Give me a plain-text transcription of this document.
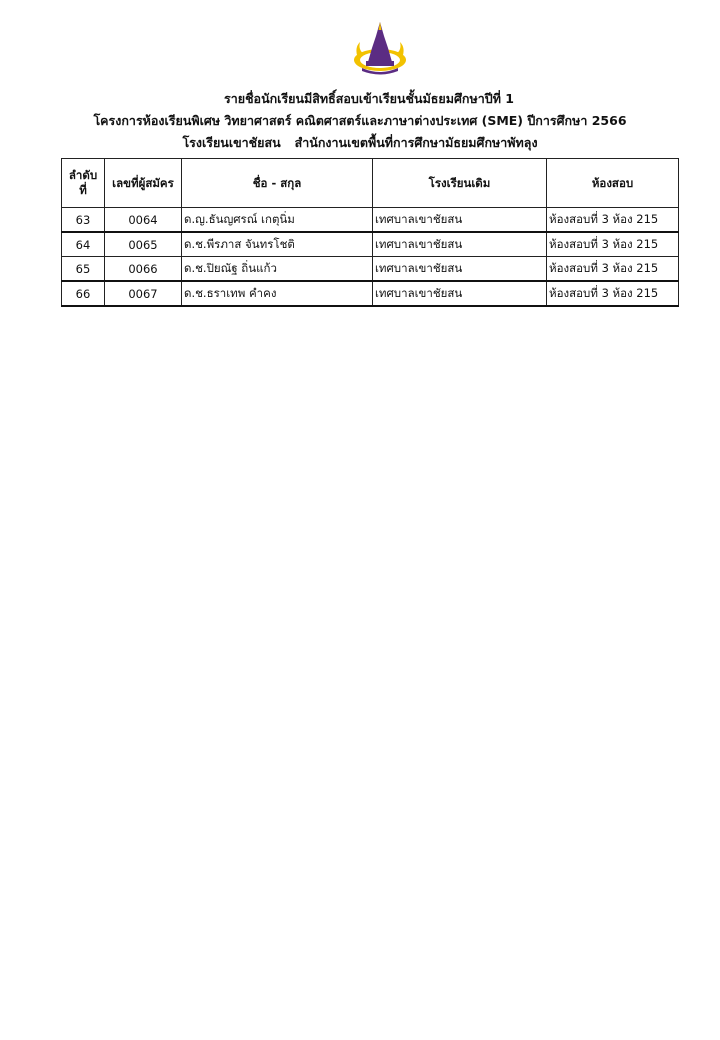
รายชื่อนักเรียนมีสิทธิ์สอบเข้าเรียนชั้นมัธยมศึกษาปีที่ 1
โครงการห้องเรียนพิเศษ วิทยาศาสตร์ คณิตศาสตร์และภาษาต่างประเทศ (SME) ปีการศึกษา 2566
โรงเรียนเขาชัยสน สำนักงานเขตพื้นที่การศึกษามัธยมศึกษาพัทลุง
ลำดับ
ที่	เลขที่ผู้สมัคร	ชื่อ - สกุล	โรงเรียนเดิม	ห้องสอบ
63	0064	ด.ญ.ธันญศรณ์ เกตุนิ่ม	เทศบาลเขาชัยสน	ห้องสอบที่ 3 ห้อง 215
64	0065	ด.ช.พีรภาส จันทรโชติ	เทศบาลเขาชัยสน	ห้องสอบที่ 3 ห้อง 215
65	0066	ด.ช.ปิยณัฐ ถิ่นแก้ว	เทศบาลเขาชัยสน	ห้องสอบที่ 3 ห้อง 215
66	0067	ด.ช.ธราเทพ คำคง	เทศบาลเขาชัยสน	ห้องสอบที่ 3 ห้อง 215
